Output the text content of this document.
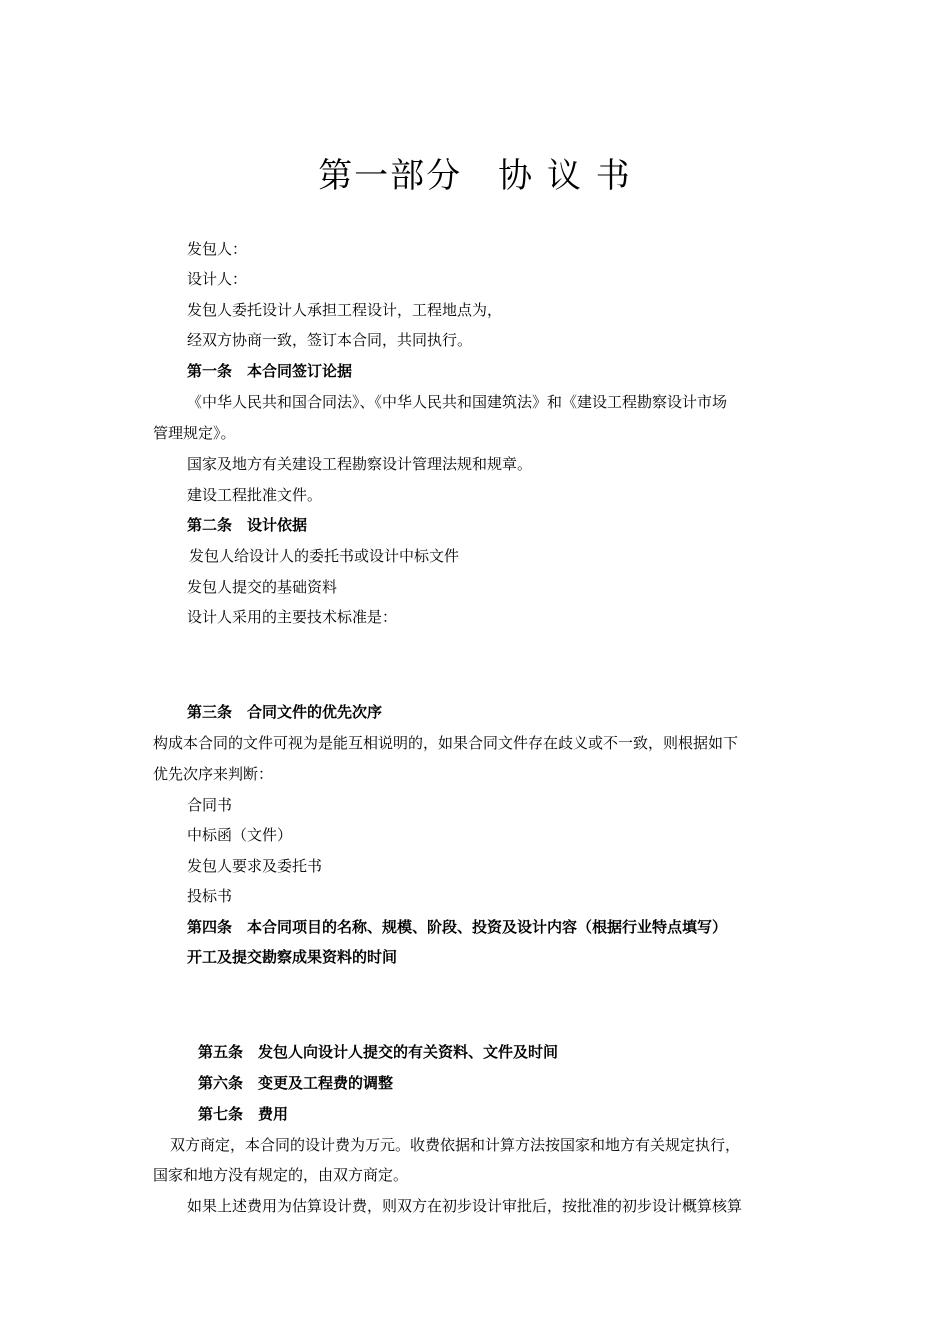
第一部分　协 议 书
发包人：
设计人：
发包人委托设计人承担工程设计，工程地点为，
经双方协商一致，签订本合同，共同执行。
第一条　本合同签订论据
《中华人民共和国合同法》、《中华人民共和国建筑法》和《建设工程勘察设计市场
管理规定》。
国家及地方有关建设工程勘察设计管理法规和规章。
建设工程批准文件。
第二条　设计依据
发包人给设计人的委托书或设计中标文件
发包人提交的基础资料
设计人采用的主要技术标准是：
第三条　合同文件的优先次序
构成本合同的文件可视为是能互相说明的，如果合同文件存在歧义或不一致，则根据如下
优先次序来判断：
合同书
中标函（文件）
发包人要求及委托书
投标书
第四条　本合同项目的名称、规模、阶段、投资及设计内容（根据行业特点填写）
开工及提交勘察成果资料的时间
第五条　发包人向设计人提交的有关资料、文件及时间
第六条　变更及工程费的调整
第七条　费用
双方商定，本合同的设计费为万元。收费依据和计算方法按国家和地方有关规定执行，
国家和地方没有规定的，由双方商定。
如果上述费用为估算设计费，则双方在初步设计审批后，按批准的初步设计概算核算
